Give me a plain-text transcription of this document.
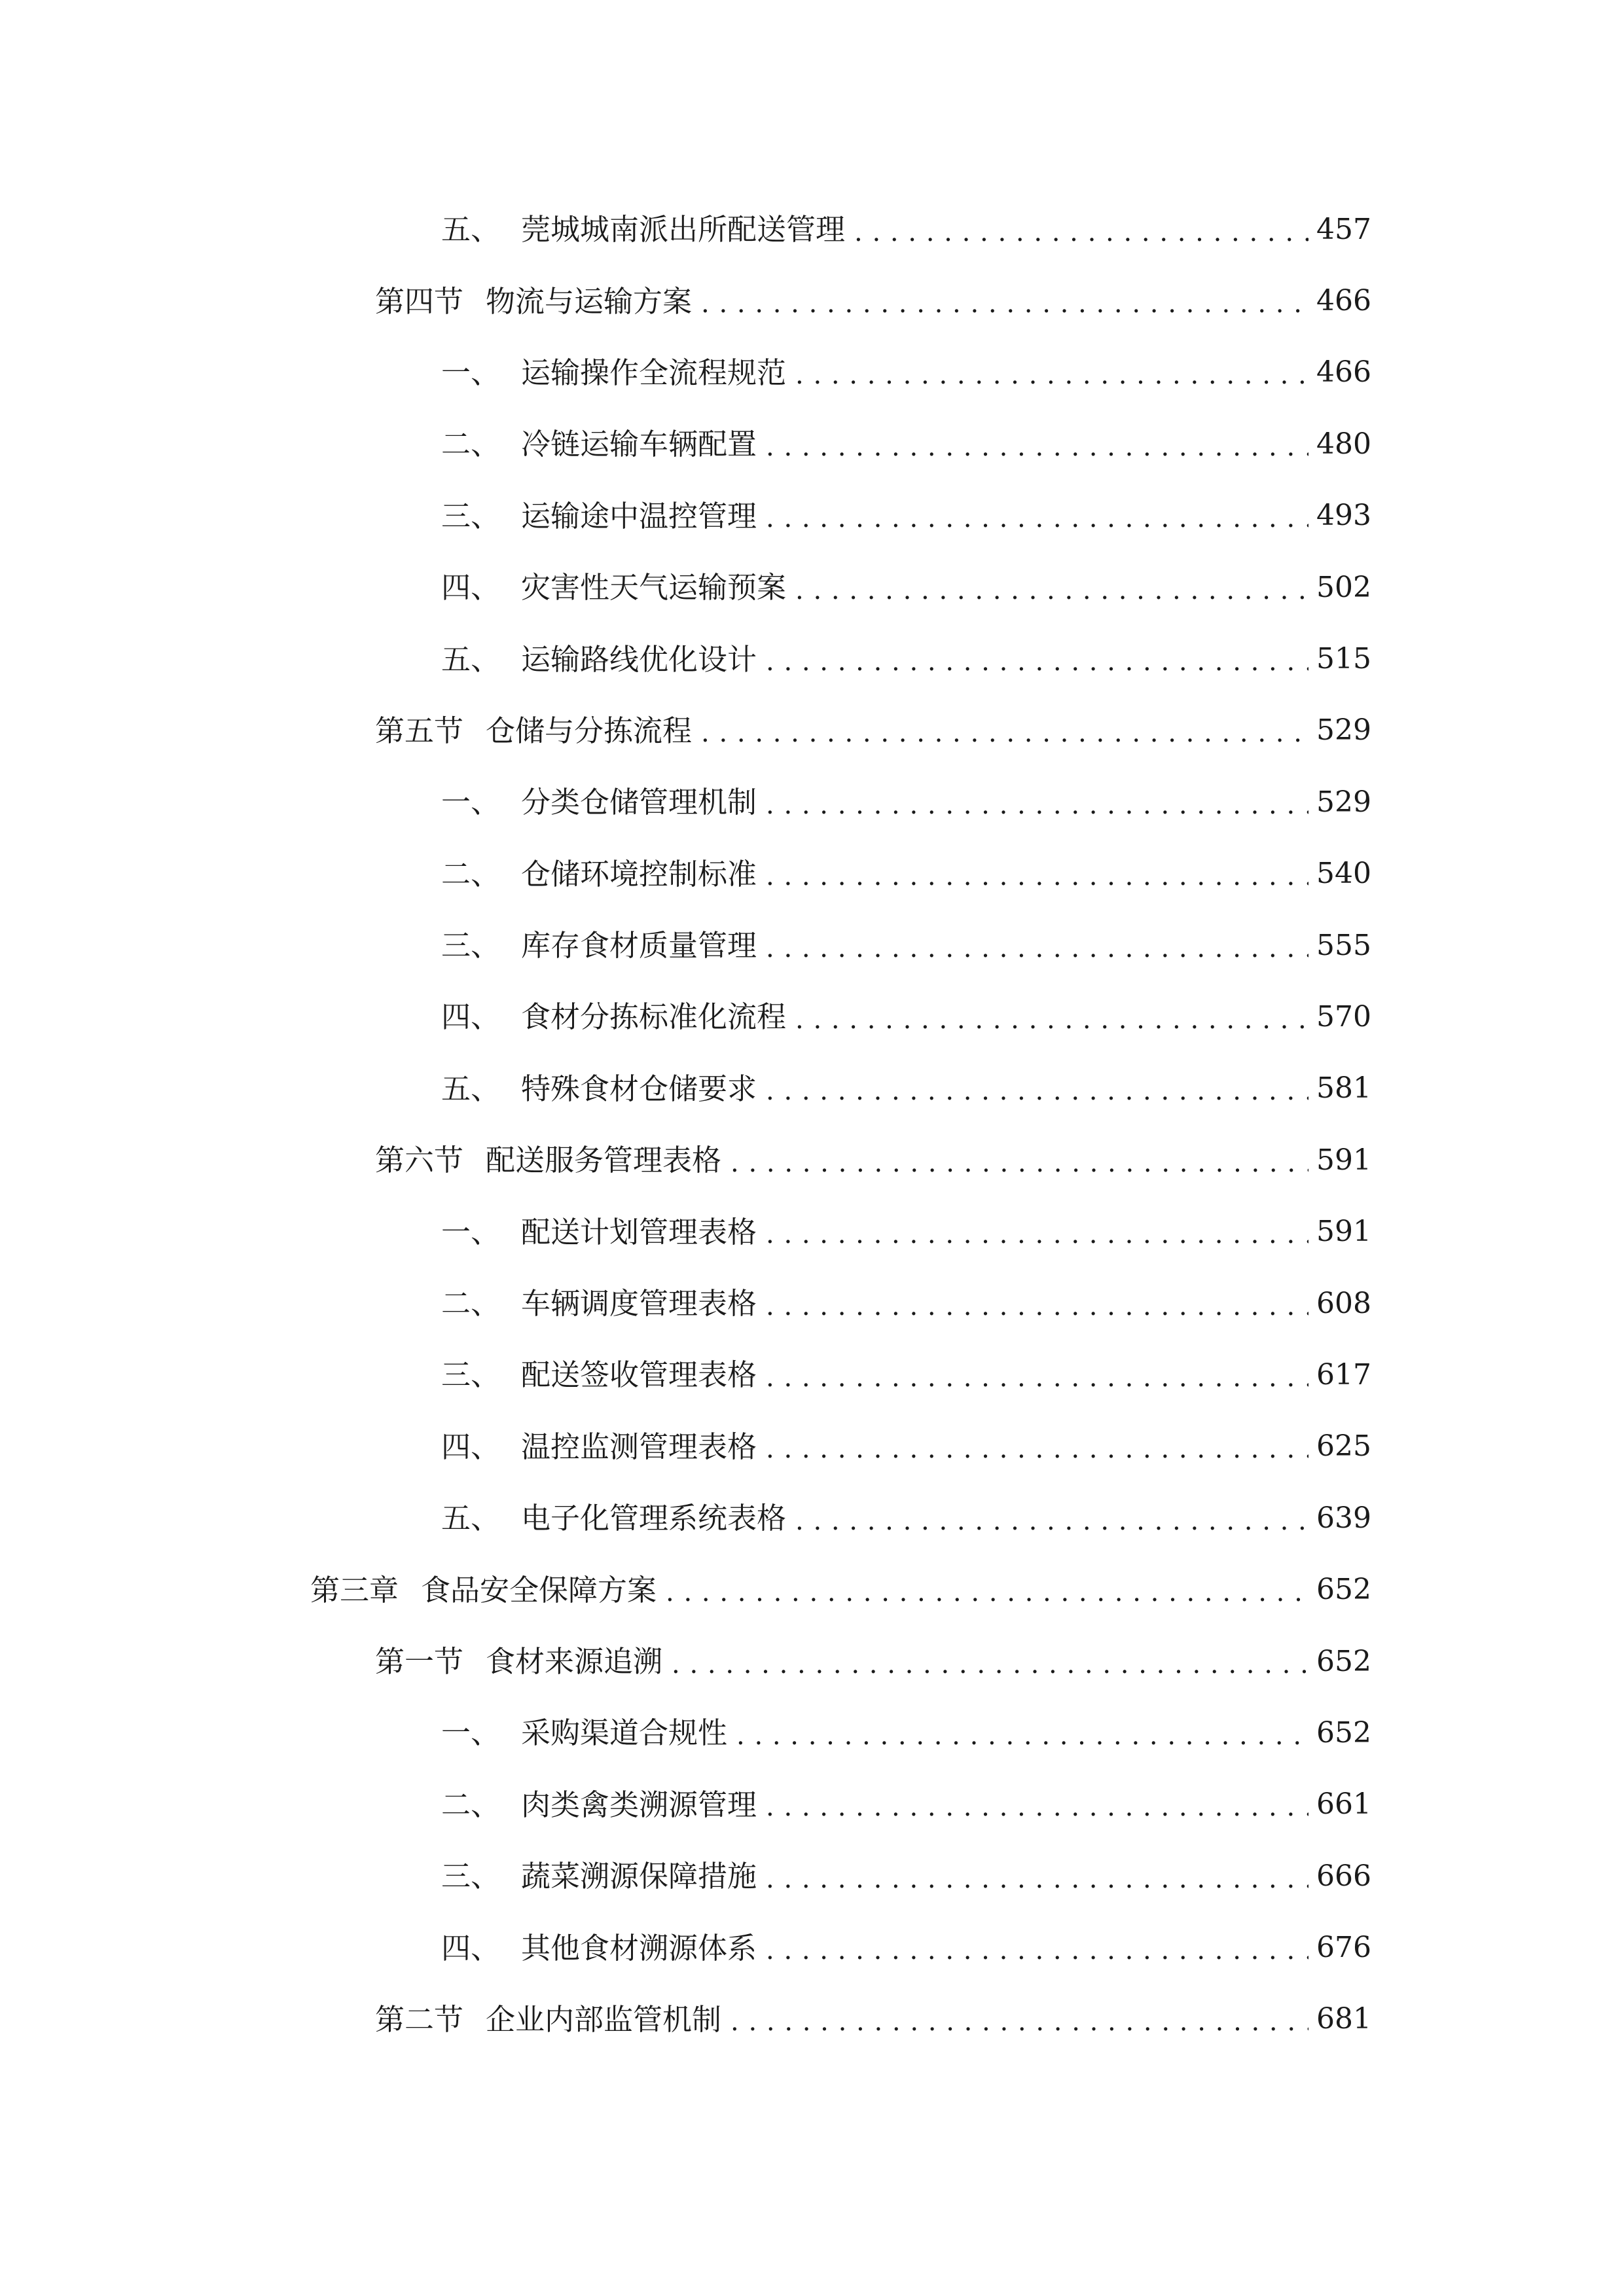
五、 莞城城南派出所配送管理 . . .	457
第四节 物流与运输方案 . . .	466
一、 运输操作全流程规范 . . .	466
二、 冷链运输车辆配置 . . .	480
三、 运输途中温控管理 . . .	493
四、 灾害性天气运输预案 . . .	502
五、 运输路线优化设计 . . .	515
第五节 仓储与分拣流程 . . .	529
一、 分类仓储管理机制 . . .	529
二、 仓储环境控制标准 . . .	540
三、 库存食材质量管理 . . .	555
四、 食材分拣标准化流程 . . .	570
五、 特殊食材仓储要求 . . .	581
第六节 配送服务管理表格 . . .	591
一、 配送计划管理表格 . . .	591
二、 车辆调度管理表格 . . .	608
三、 配送签收管理表格 . . .	617
四、 温控监测管理表格 . . .	625
五、 电子化管理系统表格 . . .	639
第三章 食品安全保障方案 . . .	652
第一节 食材来源追溯 . . .	652
一、 采购渠道合规性 . . .	652
二、 肉类禽类溯源管理 . . .	661
三、 蔬菜溯源保障措施 . . .	666
四、 其他食材溯源体系 . . .	676
第二节 企业内部监管机制 . . .	681
